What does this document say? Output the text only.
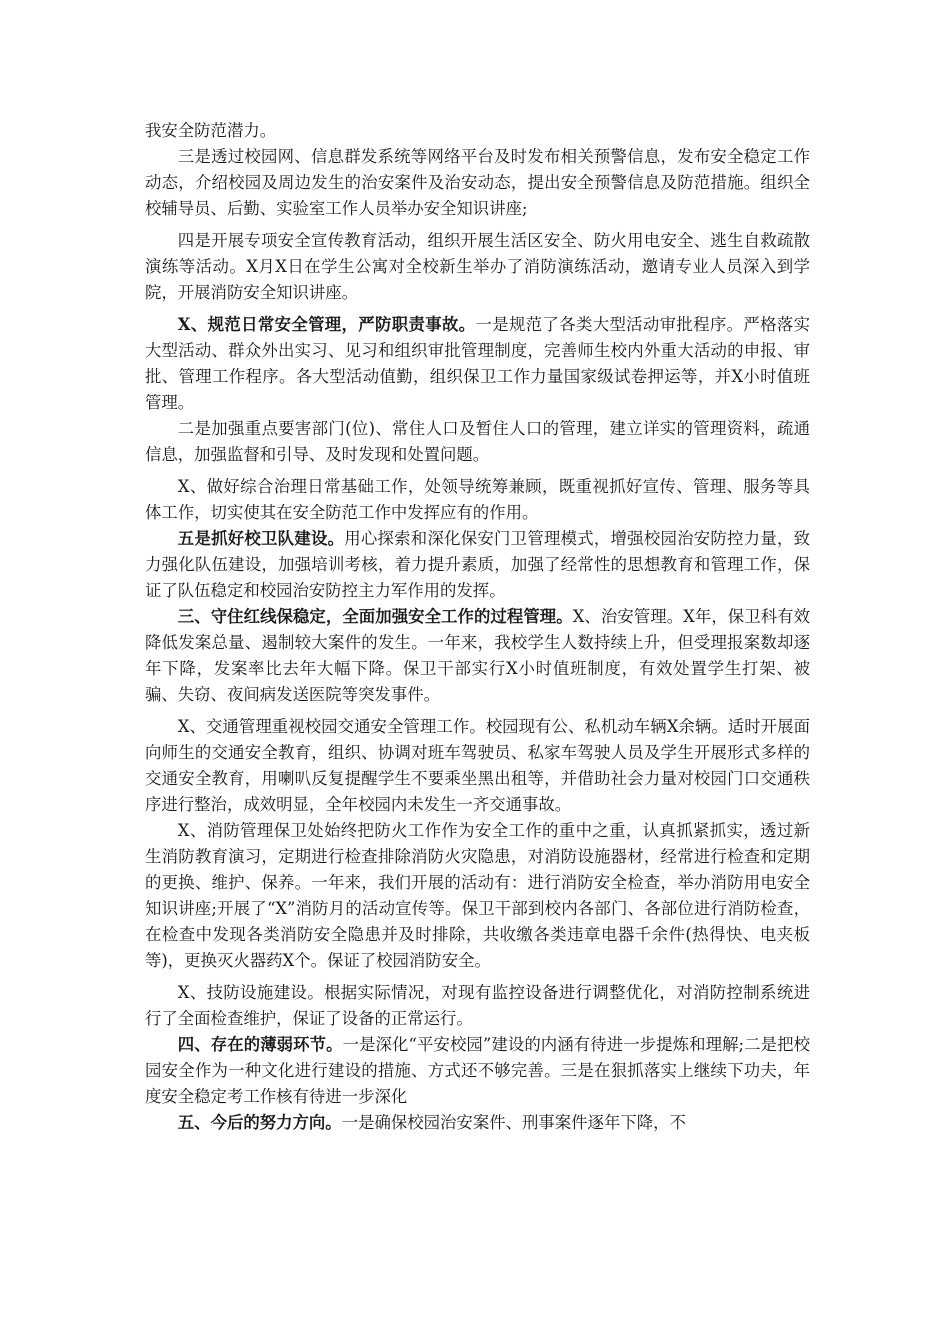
我安全防范潜力。

三是透过校园网、信息群发系统等网络平台及时发布相关预警信息，发布安全稳定工作动态，介绍校园及周边发生的治安案件及治安动态，提出安全预警信息及防范措施。组织全校辅导员、后勤、实验室工作人员举办安全知识讲座;

四是开展专项安全宣传教育活动，组织开展生活区安全、防火用电安全、逃生自救疏散演练等活动。X月X日在学生公寓对全校新生举办了消防演练活动，邀请专业人员深入到学院，开展消防安全知识讲座。

X、规范日常安全管理，严防职责事故。一是规范了各类大型活动审批程序。严格落实大型活动、群众外出实习、见习和组织审批管理制度，完善师生校内外重大活动的申报、审批、管理工作程序。各大型活动值勤，组织保卫工作力量国家级试卷押运等，并X小时值班管理。

二是加强重点要害部门(位)、常住人口及暂住人口的管理，建立详实的管理资料，疏通信息，加强监督和引导、及时发现和处置问题。

X、做好综合治理日常基础工作，处领导统筹兼顾，既重视抓好宣传、管理、服务等具体工作，切实使其在安全防范工作中发挥应有的作用。

五是抓好校卫队建设。用心探索和深化保安门卫管理模式，增强校园治安防控力量，致力强化队伍建设，加强培训考核，着力提升素质，加强了经常性的思想教育和管理工作，保证了队伍稳定和校园治安防控主力军作用的发挥。

三、守住红线保稳定，全面加强安全工作的过程管理。X、治安管理。X年，保卫科有效降低发案总量、遏制较大案件的发生。一年来，我校学生人数持续上升，但受理报案数却逐年下降，发案率比去年大幅下降。保卫干部实行X小时值班制度，有效处置学生打架、被骗、失窃、夜间病发送医院等突发事件。

X、交通管理重视校园交通安全管理工作。校园现有公、私机动车辆X余辆。适时开展面向师生的交通安全教育，组织、协调对班车驾驶员、私家车驾驶人员及学生开展形式多样的交通安全教育，用喇叭反复提醒学生不要乘坐黑出租等，并借助社会力量对校园门口交通秩序进行整治，成效明显，全年校园内未发生一齐交通事故。

X、消防管理保卫处始终把防火工作作为安全工作的重中之重，认真抓紧抓实，透过新生消防教育演习，定期进行检查排除消防火灾隐患，对消防设施器材，经常进行检查和定期的更换、维护、保养。一年来，我们开展的活动有：进行消防安全检查，举办消防用电安全知识讲座;开展了“X”消防月的活动宣传等。保卫干部到校内各部门、各部位进行消防检查，在检查中发现各类消防安全隐患并及时排除，共收缴各类违章电器千余件(热得快、电夹板等)，更换灭火器药X个。保证了校园消防安全。

X、技防设施建设。根据实际情况，对现有监控设备进行调整优化，对消防控制系统进行了全面检查维护，保证了设备的正常运行。

四、存在的薄弱环节。一是深化“平安校园”建设的内涵有待进一步提炼和理解;二是把校园安全作为一种文化进行建设的措施、方式还不够完善。三是在狠抓落实上继续下功夫，年度安全稳定考工作核有待进一步深化

五、今后的努力方向。一是确保校园治安案件、刑事案件逐年下降，不
